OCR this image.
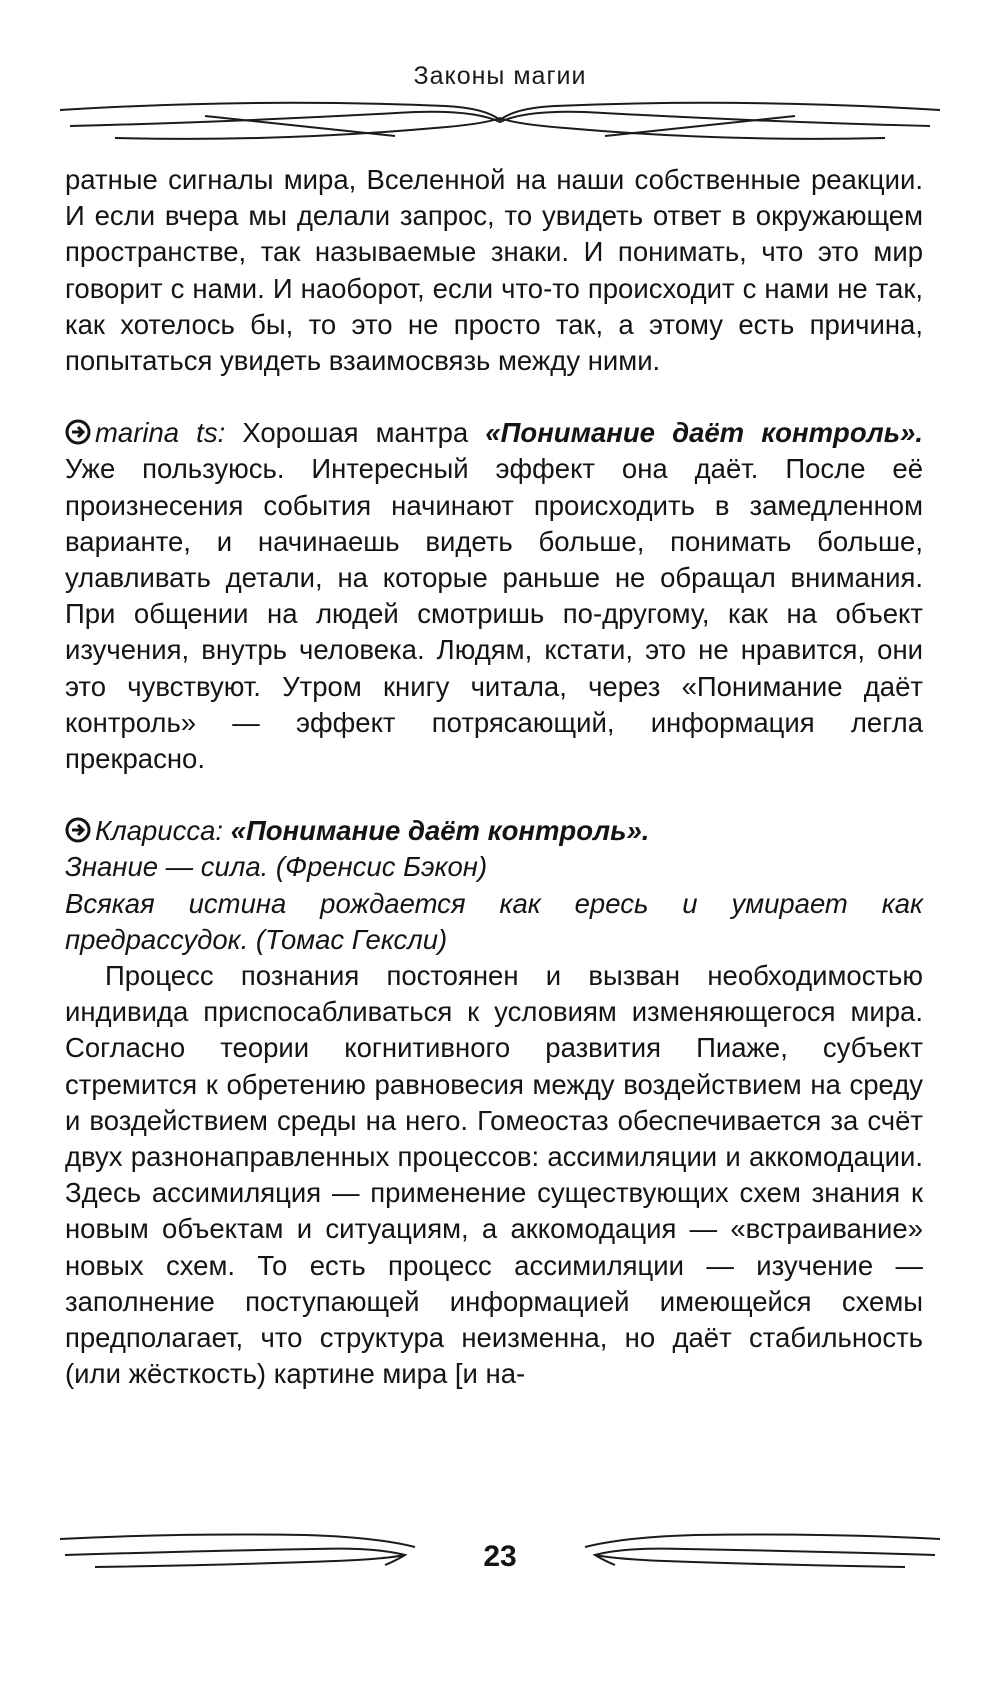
Законы магии

ратные сигналы мира, Вселенной на наши собственные реакции. И если вчера мы делали запрос, то увидеть ответ в окружающем пространстве, так называемые знаки. И понимать, что это мир говорит с нами. И наоборот, если что-то происходит с нами не так, как хотелось бы, то это не просто так, а этому есть причина, попытаться увидеть взаимосвязь между ними.

marina ts: Хорошая мантра «Понимание даёт контроль». Уже пользуюсь. Интересный эффект она даёт. После её произнесения события начинают происходить в замедленном варианте, и начинаешь видеть больше, понимать больше, улавливать детали, на которые раньше не обращал внимания. При общении на людей смотришь по-другому, как на объект изучения, внутрь человека. Людям, кстати, это не нравится, они это чувствуют. Утром книгу читала, через «Понимание даёт контроль» — эффект потрясающий, информация легла прекрасно.

Кларисса: «Понимание даёт контроль».

Знание — сила. (Френсис Бэкон)

Всякая истина рождается как ересь и умирает как предрассудок. (Томас Гексли)

Процесс познания постоянен и вызван необходимостью индивида приспосабливаться к условиям изменяющегося мира. Согласно теории когнитивного развития Пиаже, субъект стремится к обретению равновесия между воздействием на среду и воздействием среды на него. Гомеостаз обеспечивается за счёт двух разнонаправленных процессов: ассимиляции и аккомодации. Здесь ассимиляция — применение существующих схем знания к новым объектам и ситуациям, а аккомодация — «встраивание» новых схем. То есть процесс ассимиляции — изучение — заполнение поступающей информацией имеющейся схемы предполагает, что структура неизменна, но даёт стабильность (или жёсткость) картине мира [и на-

23
